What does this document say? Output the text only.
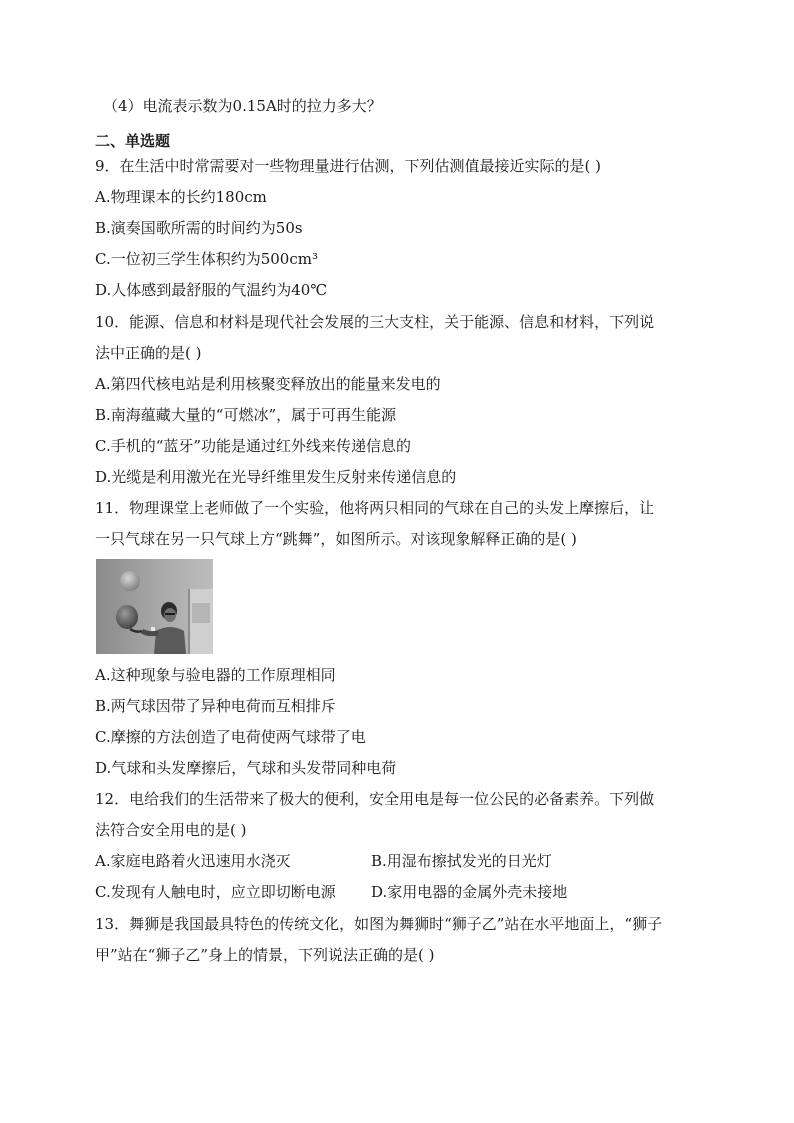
（4）电流表示数为0.15A时的拉力多大？
二、单选题
9．在生活中时常需要对一些物理量进行估测，下列估测值最接近实际的是( )
A.物理课本的长约180cm
B.演奏国歌所需的时间约为50s
C.一位初三学生体积约为500cm³
D.人体感到最舒服的气温约为40℃
10．能源、信息和材料是现代社会发展的三大支柱，关于能源、信息和材料，下列说
法中正确的是( )
A.第四代核电站是利用核聚变释放出的能量来发电的
B.南海蕴藏大量的“可燃冰”，属于可再生能源
C.手机的“蓝牙”功能是通过红外线来传递信息的
D.光缆是利用激光在光导纤维里发生反射来传递信息的
11．物理课堂上老师做了一个实验，他将两只相同的气球在自己的头发上摩擦后，让
一只气球在另一只气球上方“跳舞”，如图所示。对该现象解释正确的是( )
A.这种现象与验电器的工作原理相同
B.两气球因带了异种电荷而互相排斥
C.摩擦的方法创造了电荷使两气球带了电
D.气球和头发摩擦后，气球和头发带同种电荷
12．电给我们的生活带来了极大的便利，安全用电是每一位公民的必备素养。下列做
法符合安全用电的是( )
A.家庭电路着火迅速用水浇灭	B.用湿布擦拭发光的日光灯
C.发现有人触电时，应立即切断电源 D.家用电器的金属外壳未接地
13．舞狮是我国最具特色的传统文化，如图为舞狮时“狮子乙”站在水平地面上，“狮子
甲”站在“狮子乙”身上的情景，下列说法正确的是( )
